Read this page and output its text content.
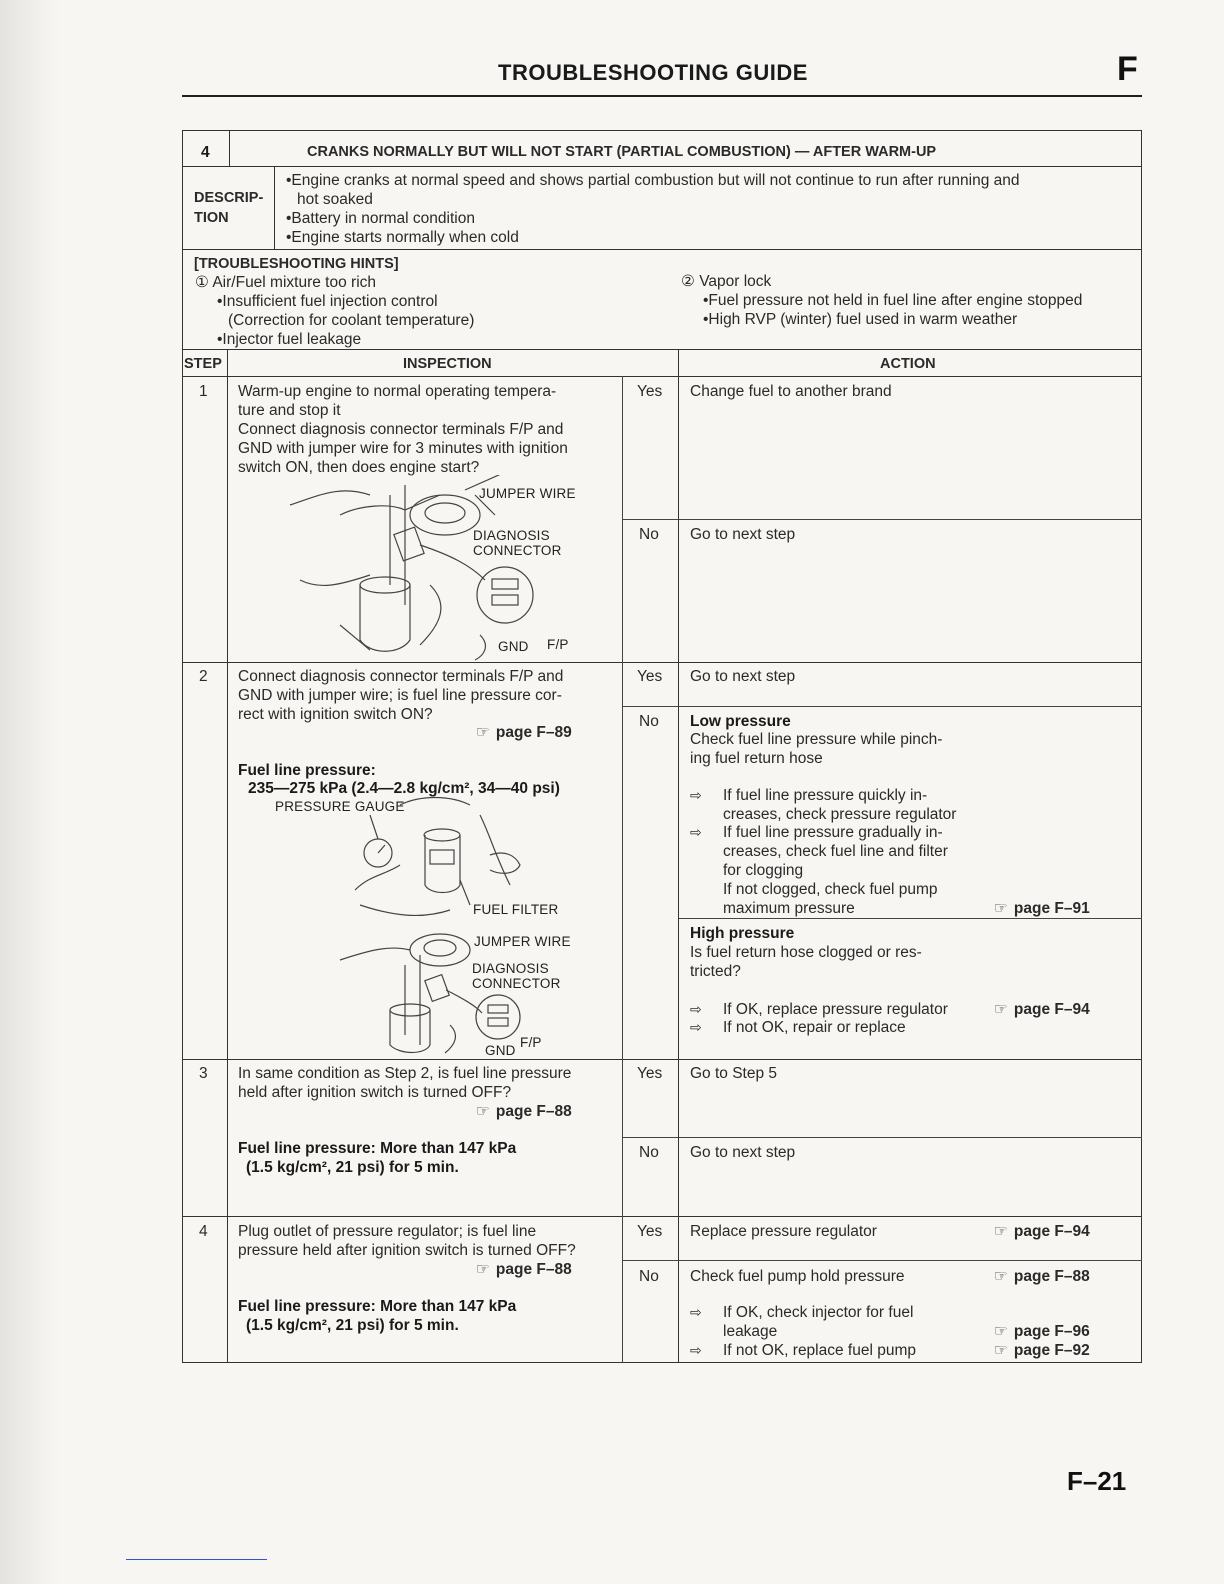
TROUBLESHOOTING GUIDE	F
4	CRANKS NORMALLY BUT WILL NOT START (PARTIAL COMBUSTION) — AFTER WARM-UP
DESCRIP-
TION
•Engine cranks at normal speed and shows partial combustion but will not continue to run after running and
hot soaked
•Battery in normal condition
•Engine starts normally when cold
[TROUBLESHOOTING HINTS]
① Air/Fuel mixture too rich
•Insufficient fuel injection control
(Correction for coolant temperature)
•Injector fuel leakage
② Vapor lock
•Fuel pressure not held in fuel line after engine stopped
•High RVP (winter) fuel used in warm weather
STEP	INSPECTION	ACTION
1 Warm-up engine to normal operating tempera-
ture and stop it
Connect diagnosis connector terminals F/P and
GND with jumper wire for 3 minutes with ignition
switch ON, then does engine start?
JUMPER WIRE
DIAGNOSIS
CONNECTOR
GND F/P
Yes Change fuel to another brand
No Go to next step
2 Connect diagnosis connector terminals F/P and
GND with jumper wire; is fuel line pressure cor-
rect with ignition switch ON?
☞ page F–89
Fuel line pressure:
235—275 kPa (2.4—2.8 kg/cm², 34—40 psi)
PRESSURE GAUGE
FUEL FILTER
JUMPER WIRE
DIAGNOSIS
CONNECTOR
GND
F/P
Yes Go to next step
No Low pressure
Check fuel line pressure while pinch-
ing fuel return hose
⇨	If fuel line pressure quickly in-
creases, check pressure regulator
⇨	If fuel line pressure gradually in-
creases, check fuel line and filter
for clogging
If not clogged, check fuel pump
maximum pressure	☞ page F–91
High pressure
Is fuel return hose clogged or res-
tricted?
⇨	If OK, replace pressure regulator	☞ page F–94
⇨	If not OK, repair or replace
3 In same condition as Step 2, is fuel line pressure
held after ignition switch is turned OFF?
☞ page F–88
Fuel line pressure: More than 147 kPa
(1.5 kg/cm², 21 psi) for 5 min.
Yes Go to Step 5
No Go to next step
4 Plug outlet of pressure regulator; is fuel line
pressure held after ignition switch is turned OFF?
☞ page F–88
Fuel line pressure: More than 147 kPa
(1.5 kg/cm², 21 psi) for 5 min.
Yes Replace pressure regulator	☞ page F–94
No Check fuel pump hold pressure	☞ page F–88
⇨	If OK, check injector for fuel
leakage	☞ page F–96
⇨	If not OK, replace fuel pump	☞ page F–92
F–21
